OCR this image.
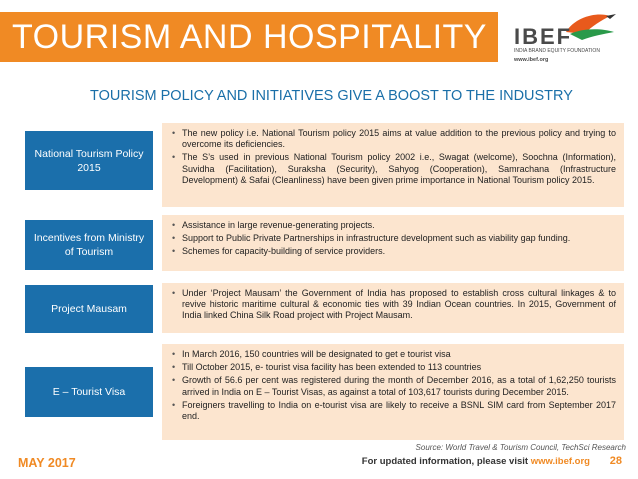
TOURISM AND HOSPITALITY IBEF
INDIA BRAND EQUITY FOUNDATION
www.ibef.org
TOURISM POLICY AND INITIATIVES GIVE A BOOST TO THE INDUSTRY
National Tourism Policy 2015
• The new policy i.e. National Tourism policy 2015 aims at value addition to the previous policy and trying to overcome its deficiencies.
• The S’s used in previous National Tourism policy 2002 i.e., Swagat (welcome), Soochna (Information), Suvidha (Facilitation), Suraksha (Security), Sahyog (Cooperation), Samrachana (Infrastructure Development) & Safai (Cleanliness) have been given prime importance in National Tourism policy 2015.
Incentives from Ministry of Tourism
• Assistance in large revenue-generating projects.
• Support to Public Private Partnerships in infrastructure development such as viability gap funding.
• Schemes for capacity-building of service providers.
Project Mausam
• Under ‘Project Mausam’ the Government of India has proposed to establish cross cultural linkages & to revive historic maritime cultural & economic ties with 39 Indian Ocean countries. In 2015, Government of India linked China Silk Road project with Project Mausam.
E – Tourist Visa
• In March 2016, 150 countries will be designated to get e tourist visa
• Till October 2015, e- tourist visa facility has been extended to 113 countries
• Growth of 56.6 per cent was registered during the month of December 2016, as a total of 1,62,250 tourists arrived in India on E – Tourist Visas, as against a total of 103,617 tourists during December 2015.
• Foreigners travelling to India on e-tourist visa are likely to receive a BSNL SIM card from September 2017 end.
Source: World Travel & Tourism Council, TechSci Research
MAY 2017	For updated information, please visit www.ibef.org 28
